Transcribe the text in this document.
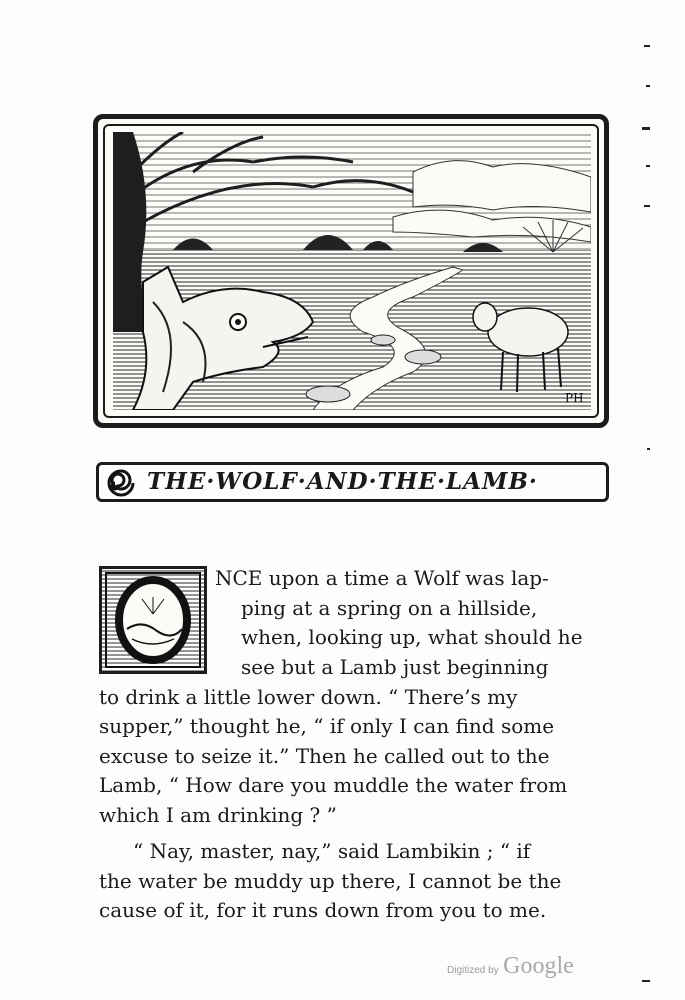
PH
THE·WOLF·AND·THE·LAMB·
NCE upon a time a Wolf was lap-
ping at a spring on a hillside,
when, looking up, what should he
see but a Lamb just beginning
to drink a little lower down. “ There’s my
supper,” thought he, “ if only I can find some
excuse to seize it.” Then he called out to the
Lamb, “ How dare you muddle the water from
which I am drinking ? ”
“ Nay, master, nay,” said Lambikin ; “ if
the water be muddy up there, I cannot be the
cause of it, for it runs down from you to me.
Digitized by Google
